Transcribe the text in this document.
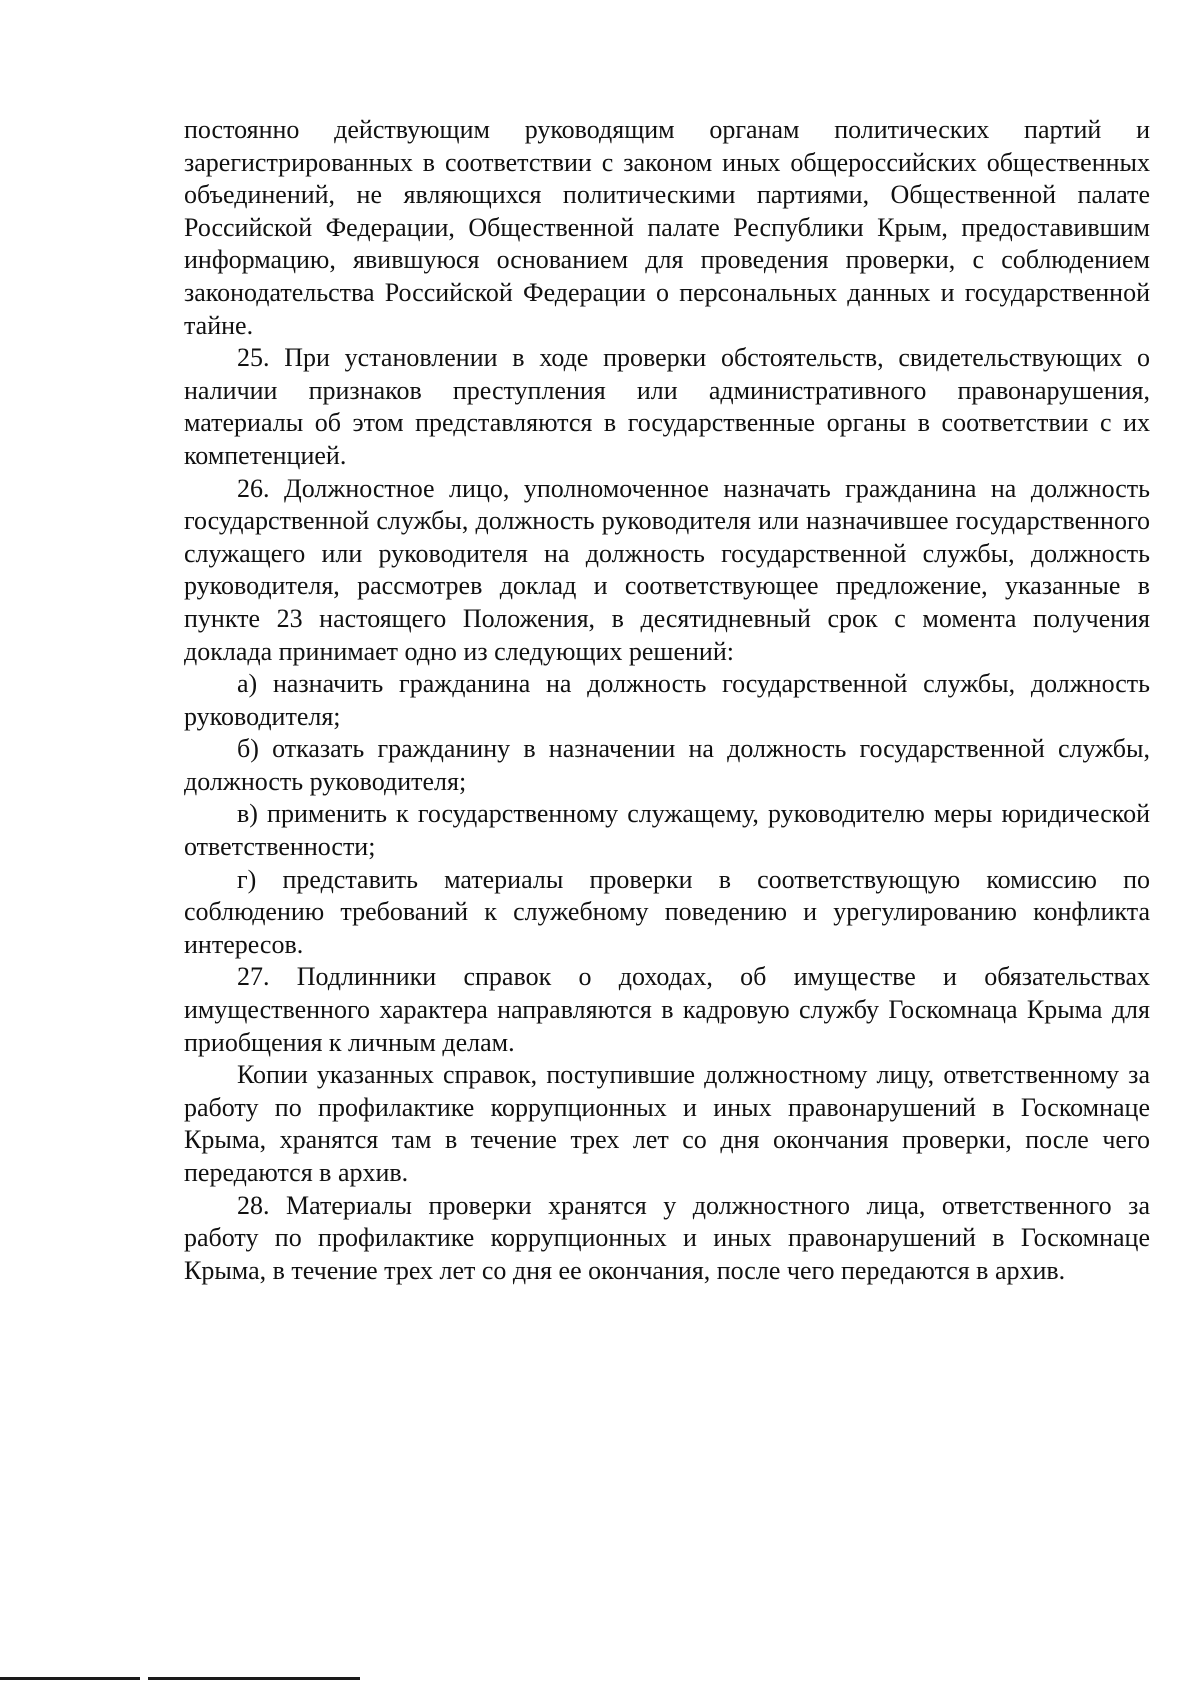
постоянно действующим руководящим органам политических партий и зарегистрированных в соответствии с законом иных общероссийских общественных объединений, не являющихся политическими партиями, Общественной палате Российской Федерации, Общественной палате Республики Крым, предоставившим информацию, явившуюся основанием для проведения проверки, с соблюдением законодательства Российской Федерации о персональных данных и государственной тайне.

25. При установлении в ходе проверки обстоятельств, свидетельствующих о наличии признаков преступления или административного правонарушения, материалы об этом представляются в государственные органы в соответствии с их компетенцией.

26. Должностное лицо, уполномоченное назначать гражданина на должность государственной службы, должность руководителя или назначившее государственного служащего или руководителя на должность государственной службы, должность руководителя, рассмотрев доклад и соответствующее предложение, указанные в пункте 23 настоящего Положения, в десятидневный срок с момента получения доклада принимает одно из следующих решений:

а) назначить гражданина на должность государственной службы, должность руководителя;

б) отказать гражданину в назначении на должность государственной службы, должность руководителя;

в) применить к государственному служащему, руководителю меры юридической ответственности;

г) представить материалы проверки в соответствующую комиссию по соблюдению требований к служебному поведению и урегулированию конфликта интересов.

27. Подлинники справок о доходах, об имуществе и обязательствах имущественного характера направляются в кадровую службу Госкомнаца Крыма для приобщения к личным делам.

Копии указанных справок, поступившие должностному лицу, ответственному за работу по профилактике коррупционных и иных правонарушений в Госкомнаце Крыма, хранятся там в течение трех лет со дня окончания проверки, после чего передаются в архив.

28. Материалы проверки хранятся у должностного лица, ответственного за работу по профилактике коррупционных и иных правонарушений в Госкомнаце Крыма, в течение трех лет со дня ее окончания, после чего передаются в архив.
